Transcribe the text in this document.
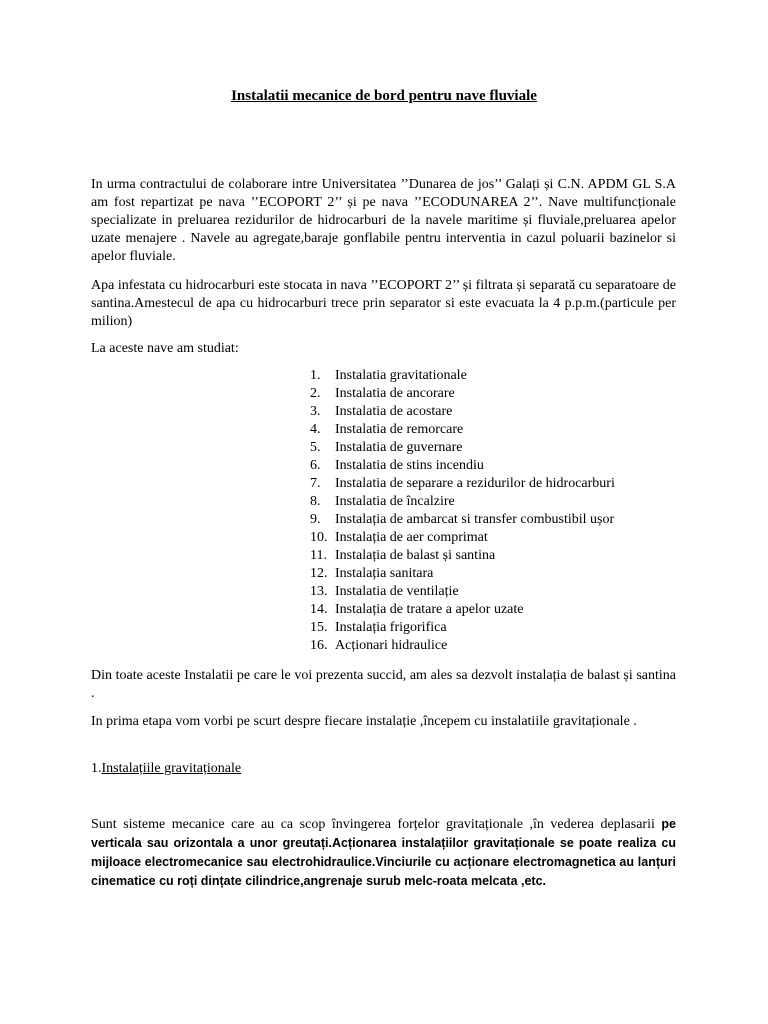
Instalatii mecanice de bord pentru nave fluviale
In urma contractului de colaborare intre Universitatea ’’Dunarea de jos’’ Galați și C.N. APDM GL S.A am fost repartizat pe nava ’’ECOPORT 2’’ și pe nava ’’ECODUNAREA 2’’. Nave multifuncționale specializate in preluarea rezidurilor de hidrocarburi de la navele maritime și fluviale,preluarea apelor uzate menajere . Navele au agregate,baraje gonflabile pentru interventia in cazul poluarii bazinelor si apelor fluviale.
Apa infestata cu hidrocarburi este stocata in nava ’’ECOPORT 2’’ și filtrata și separată cu separatoare de santina.Amestecul de apa cu hidrocarburi trece prin separator si este evacuata la 4 p.p.m.(particule per milion)
La aceste nave am studiat:
1. Instalatia gravitationale
2. Instalatia de ancorare
3. Instalatia de acostare
4. Instalatia de remorcare
5. Instalatia de guvernare
6. Instalatia de stins incendiu
7. Instalatia de separare a rezidurilor de hidrocarburi
8. Instalatia de încalzire
9. Instalația de ambarcat si transfer combustibil ușor
10. Instalația de aer comprimat
11. Instalația de balast și santina
12. Instalația sanitara
13. Instalatia de ventilație
14. Instalația de tratare a apelor uzate
15. Instalația frigorifica
16. Acționari hidraulice
Din toate aceste Instalatii pe care le voi prezenta succid, am ales sa dezvolt instalația de balast și santina .
In prima etapa vom vorbi pe scurt despre fiecare instalație ,începem cu instalatiile gravitaționale .
1.Instalațiile gravitaționale
Sunt sisteme mecanice care au ca scop învingerea forțelor gravitaționale ,în vederea deplasarii pe verticala sau orizontala a unor greutați.Acționarea instalațiilor gravitaționale se poate realiza cu mijloace electromecanice sau electrohidraulice.Vinciurile cu acționare electromagnetica au lanțuri cinematice cu roți dințate cilindrice,angrenaje surub melc-roata melcata ,etc.
